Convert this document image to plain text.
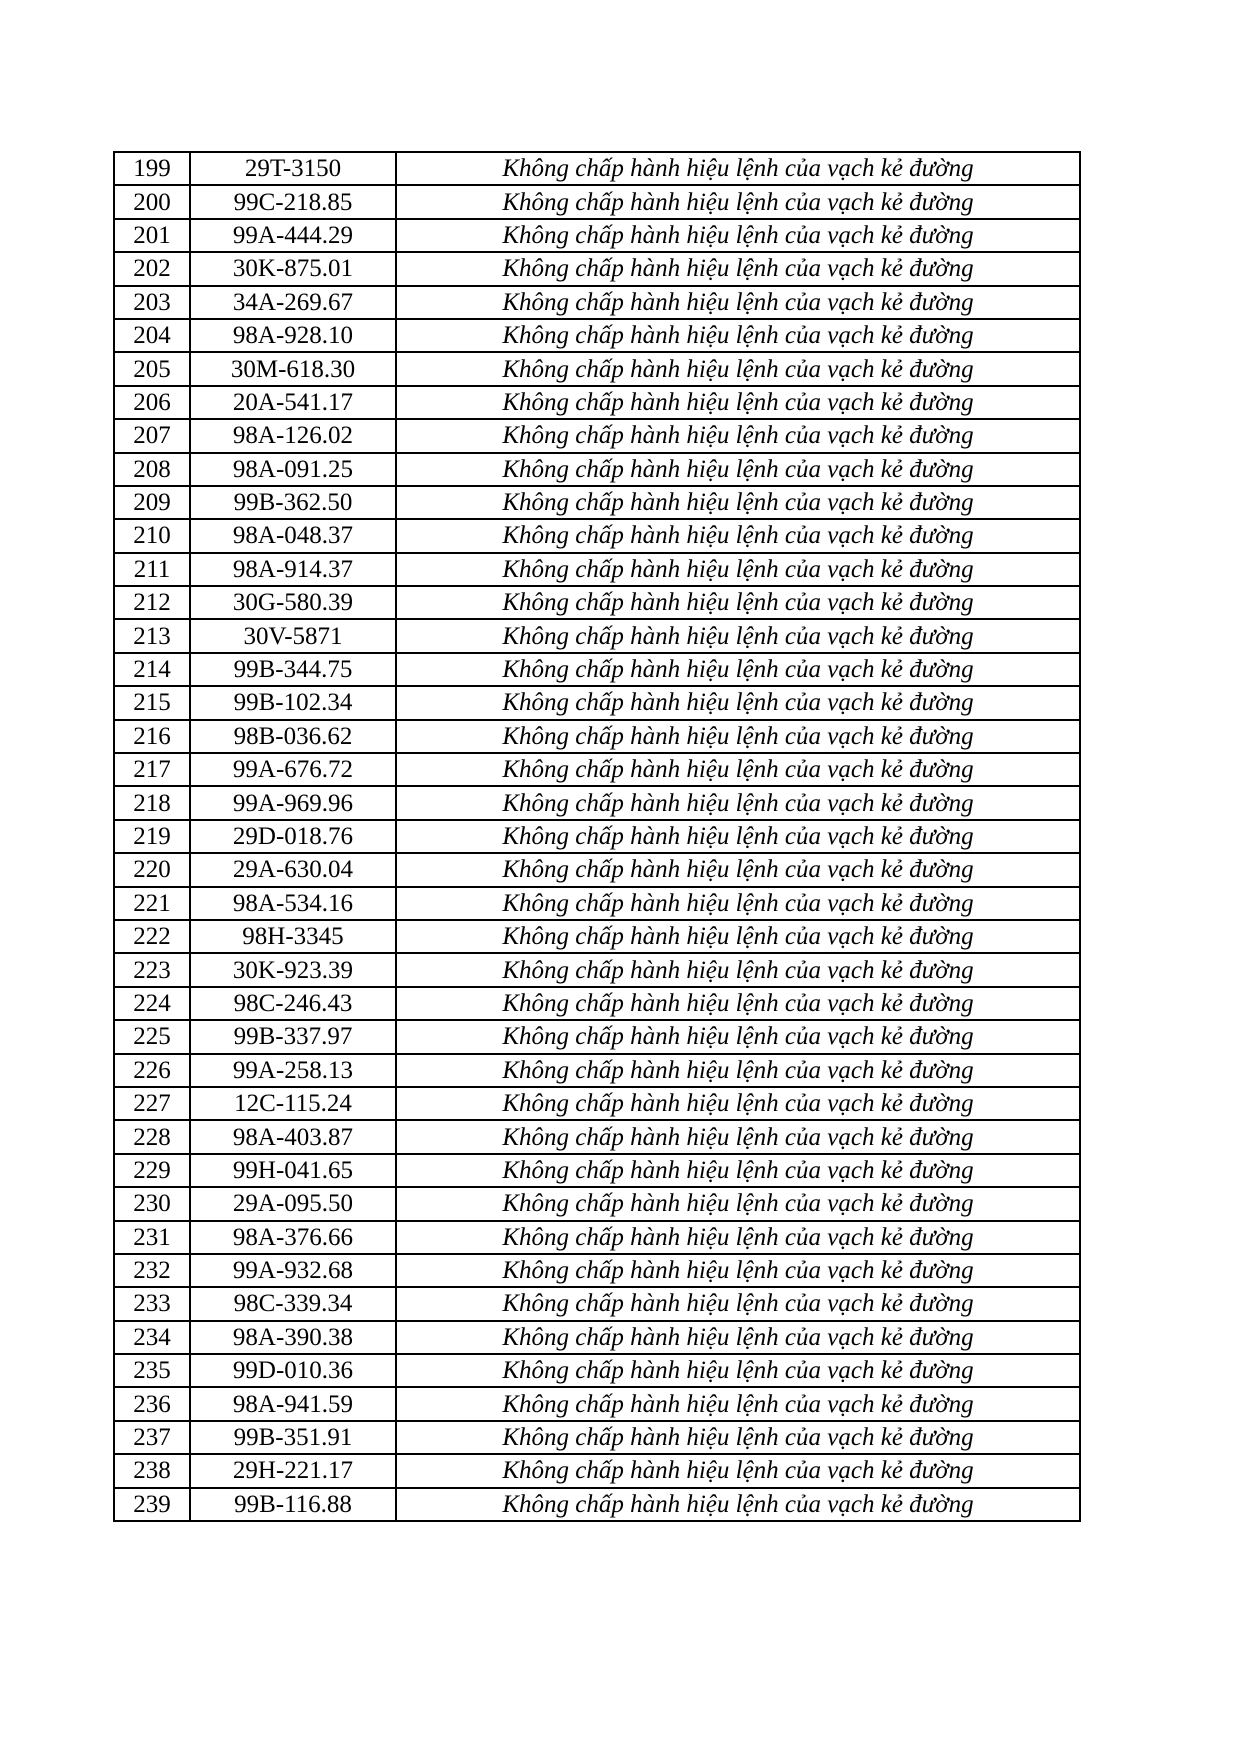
199	29T-3150	Không chấp hành hiệu lệnh của vạch kẻ đường
200	99C-218.85	Không chấp hành hiệu lệnh của vạch kẻ đường
201	99A-444.29	Không chấp hành hiệu lệnh của vạch kẻ đường
202	30K-875.01	Không chấp hành hiệu lệnh của vạch kẻ đường
203	34A-269.67	Không chấp hành hiệu lệnh của vạch kẻ đường
204	98A-928.10	Không chấp hành hiệu lệnh của vạch kẻ đường
205	30M-618.30	Không chấp hành hiệu lệnh của vạch kẻ đường
206	20A-541.17	Không chấp hành hiệu lệnh của vạch kẻ đường
207	98A-126.02	Không chấp hành hiệu lệnh của vạch kẻ đường
208	98A-091.25	Không chấp hành hiệu lệnh của vạch kẻ đường
209	99B-362.50	Không chấp hành hiệu lệnh của vạch kẻ đường
210	98A-048.37	Không chấp hành hiệu lệnh của vạch kẻ đường
211	98A-914.37	Không chấp hành hiệu lệnh của vạch kẻ đường
212	30G-580.39	Không chấp hành hiệu lệnh của vạch kẻ đường
213	30V-5871	Không chấp hành hiệu lệnh của vạch kẻ đường
214	99B-344.75	Không chấp hành hiệu lệnh của vạch kẻ đường
215	99B-102.34	Không chấp hành hiệu lệnh của vạch kẻ đường
216	98B-036.62	Không chấp hành hiệu lệnh của vạch kẻ đường
217	99A-676.72	Không chấp hành hiệu lệnh của vạch kẻ đường
218	99A-969.96	Không chấp hành hiệu lệnh của vạch kẻ đường
219	29D-018.76	Không chấp hành hiệu lệnh của vạch kẻ đường
220	29A-630.04	Không chấp hành hiệu lệnh của vạch kẻ đường
221	98A-534.16	Không chấp hành hiệu lệnh của vạch kẻ đường
222	98H-3345	Không chấp hành hiệu lệnh của vạch kẻ đường
223	30K-923.39	Không chấp hành hiệu lệnh của vạch kẻ đường
224	98C-246.43	Không chấp hành hiệu lệnh của vạch kẻ đường
225	99B-337.97	Không chấp hành hiệu lệnh của vạch kẻ đường
226	99A-258.13	Không chấp hành hiệu lệnh của vạch kẻ đường
227	12C-115.24	Không chấp hành hiệu lệnh của vạch kẻ đường
228	98A-403.87	Không chấp hành hiệu lệnh của vạch kẻ đường
229	99H-041.65	Không chấp hành hiệu lệnh của vạch kẻ đường
230	29A-095.50	Không chấp hành hiệu lệnh của vạch kẻ đường
231	98A-376.66	Không chấp hành hiệu lệnh của vạch kẻ đường
232	99A-932.68	Không chấp hành hiệu lệnh của vạch kẻ đường
233	98C-339.34	Không chấp hành hiệu lệnh của vạch kẻ đường
234	98A-390.38	Không chấp hành hiệu lệnh của vạch kẻ đường
235	99D-010.36	Không chấp hành hiệu lệnh của vạch kẻ đường
236	98A-941.59	Không chấp hành hiệu lệnh của vạch kẻ đường
237	99B-351.91	Không chấp hành hiệu lệnh của vạch kẻ đường
238	29H-221.17	Không chấp hành hiệu lệnh của vạch kẻ đường
239	99B-116.88	Không chấp hành hiệu lệnh của vạch kẻ đường
